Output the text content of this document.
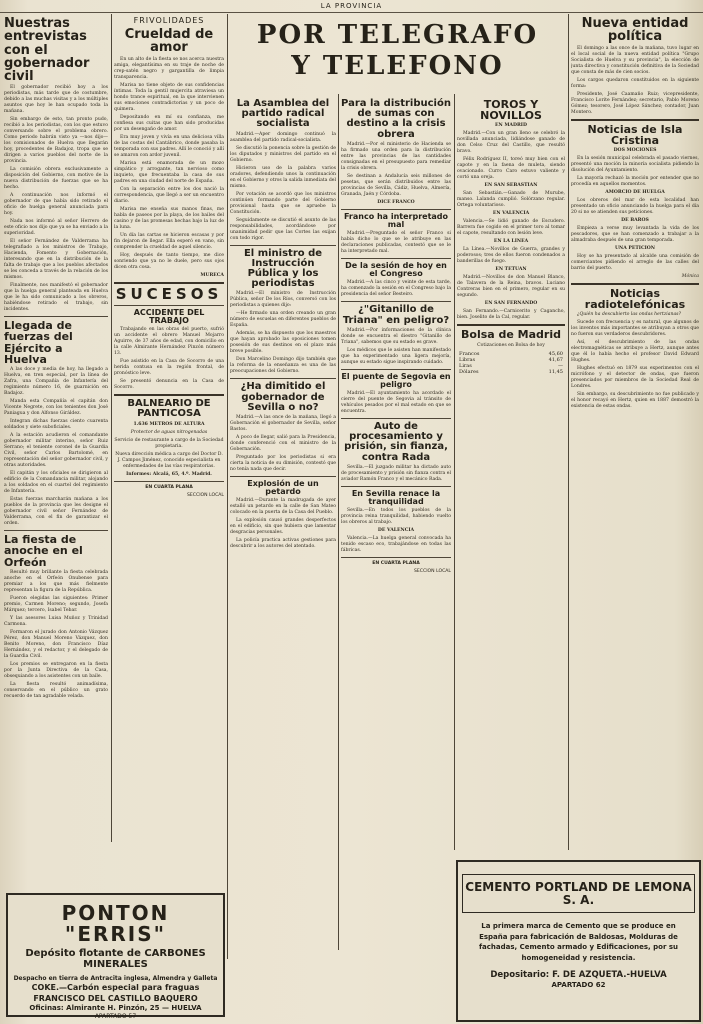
LA PROVINCIA
POR TELEGRAFO
Y TELEFONO
Nuestras entrevistas con el gobernador civil

El gobernador recibió hoy a los periodistas, más tarde que de costumbre, debido a las muchas visitas y a los múltiples asuntos que hoy le han ocupado toda la mañana.

Sin embargo de esto, tan pronto pudo, recibió a los periodistas, con los que estuvo conversando sobre el problema obrero. Como periodo habrán visto ya —nos dijo— los comisionados de Huelva que llegarán hoy, procedentes de Badajoz, tropa que se dirigen a varios pueblos del norte de la provincia.

La comisión obrera exclusivamente a disposición del Gobierno, con motivo de la nueva distribución de fuerzas que se ha hecho.

A continuación nos informó el gobernador de que había sido retirado el oficio de huelga general anunciada para hoy.

Nada nos informó al señor Herrero de este oficio nos dijo que ya se ha enviado a la superioridad.

El señor Fernández de Valderrama ha telegrafiado a los ministros de Trabajo, Hacienda, Fomento y Gobernación, interesando que en la distribución de la falta de trabajo que a los pueblos afectados se les conceda a través de la relación de los mismos.

Finalmente, nos manifestó el gobernador que la huelga general planteada en Huelva que le ha sido comunicado a los obreros, habiéndose retirado el trabajo, sin incidentes.

Llegada de fuerzas del Ejército a Huelva

A las doce y media de hoy, ha llegado a Huelva, en tren especial, por la línea de Zafra, una Compañía de Infantería del regimiento número 16, de guarnición en Badajoz.

Manda esta Compañía el capitán don Vicente Negrete, con los tenientes don José Paniagua y don Alfonso Giráldez.

Integran dichas fuerzas ciento cuarenta soldados y siete suboficiales.

A la estación acudieron el comandante gobernador militar interino, señor Ruiz Serrano; el teniente coronel de la Guardia Civil, señor Carlos Bartolomé, en representación del señor gobernador civil, y otras autoridades.

El capitán y los oficiales se dirigieron al edificio de la Comandancia militar, alojando a los soldados en el cuartel del regimiento de Infantería.

Estas fuerzas marcharán mañana a los pueblos de la provincia que les designe el gobernador civil señor Fernández de Valderrama, con el fin de garantizar el orden.

La fiesta de anoche en el Orfeón

Resultó muy brillante la fiesta celebrada anoche en el Orfeón Onubense para premiar a los que más fielmente representan la figura de la República.

Fueron elegidas las siguientes: Primer premio, Carmen Moreno; segundo, Josefa Márquez; tercero, Isabel Tebar.

Y las asesores Luisa Muñoz y Trinidad Carmona.

Formaron el jurado don Antonio Vázquez Pérez, don Manuel Moreno Vázquez, don Benito Moreno, don Francisco Díaz Hernández, y el redactor, y el delegado de la Guardia Civil.

Los premios se entregaron en la fiesta por la Junta Directiva de la Casa, obsequiando a los asistentes con un baile.

La fiesta resultó animadísima, conservando en el público un grato recuerdo de tan agradable velada.

FRIVOLIDADES
Crueldad de amor

En un alto de la fiesta se nos acerca nuestra amiga, elegantísima en su traje de noche de crep-satén negro y gargantilla de limpia transparencia.

Marisa no tiene objeto de sus confidencias íntimas. Toda la gentil mujercita atraviesa un hondo trance espiritual, en la que intervienen sus emociones contradictorias y un poco de quimera.

Depositando en mí su confianza, me confiesa sus cuitas que han sido producidas por un desengaño de amor.

Era muy joven y vivía en una deliciosa villa de las costas del Cantábrico, donde pasaba la temporada con sus padres. Allí le conoció y allí se amaron con ardor juvenil.

Marisa está enamorada de un mozo simpático y arrogante, tan nervioso como inquieto, que frecuentaba la casa de sus padres en una ciudad del norte de España.

Con la separación entre los dos nació la correspondencia, que llegó a ser un encuentro diario.

Marisa me enseña sus manos finas, me habla de paseos por la playa, de los bailes del casino y de las promesas hechas bajo la luz de la luna.

Un día las cartas se hicieron escasas y por fin dejaron de llegar. Ella esperó en vano, sin comprender la crueldad de aquel silencio.

Hoy, después de tanto tiempo, me dice sonriendo que ya no le duele, pero sus ojos dicen otra cosa.

MURECA
SUCESOS
ACCIDENTE DEL TRABAJO

Trabajando en las obras del puerto, sufrió un accidente el obrero Manuel Mojarro Aguirre, de 37 años de edad, con domicilio en la calle Almirante Hernández Pinzón número 13.

Fue asistido en la Casa de Socorro de una herida contusa en la región frontal, de pronóstico leve.

Se presentó denuncia en la Casa de Socorro.

BALNEARIO DE PANTICOSA
1.636 METROS DE ALTURA
Protector de aguas nitrogenadas
Servicio de restaurante a cargo de la Sociedad propietaria.
Nueva dirección médica a cargo del Doctor D. J. Campos Jiménez, conocido especialista en enfermedades de las vías respiratorias.
Informes: Alcalá, 65, 4.º. Madrid.
EN CUARTA PLANA
SECCION LOCAL
La Asamblea del partido radical socialista

Madrid.—Aper domingo continuó la asamblea del partido radical-socialista.

Se discutió la ponencia sobre la gestión de los diputados y ministros del partido en el Gobierno.

Hicieron uso de la palabra varios oradores, defendiendo unos la continuación en el Gobierno y otros la salida inmediata del mismo.

Por votación se acordó que los ministros continúen formando parte del Gobierno provisional hasta que se apruebe la Constitución.

Seguidamente se discutió el asunto de las responsabilidades, acordándose por unanimidad pedir que las Cortes las exijan con todo rigor.

El ministro de Instrucción Pública y los periodistas

Madrid.—El ministro de Instrucción Pública, señor De los Ríos, conversó con los periodistas a quienes dijo:

—He firmado una orden creando un gran número de escuelas en diferentes pueblos de España.

Además, se ha dispuesto que los maestros que hayan aprobado las oposiciones tomen posesión de sus destinos en el plazo más breve posible.

Don Marcelino Domingo dijo también que la reforma de la enseñanza es una de las preocupaciones del Gobierno.

¿Ha dimitido el gobernador de Sevilla o no?

Madrid.—A las once de la mañana, llegó a Gobernación el gobernador de Sevilla, señor Bastos.

A poco de llegar, salió para la Presidencia, donde conferenció con el ministro de la Gobernación.

Preguntado por los periodistas si era cierta la noticia de su dimisión, contestó que no tenía nada que decir.

Explosión de un petardo

Madrid.—Durante la madrugada de ayer estalló un petardo en la calle de San Mateo colocado en la puerta de la Casa del Pueblo.

La explosión causó grandes desperfectos en el edificio, sin que hubiera que lamentar desgracias personales.

La policía practica activas gestiones para descubrir a los autores del atentado.

Para la distribución de sumas con destino a la crisis obrera

Madrid.—Por el ministerio de Hacienda se ha firmado una orden para la distribución entre las provincias de las cantidades consignadas en el presupuesto para remediar la crisis obrera.

Se destinan a Andalucía seis millones de pesetas, que serán distribuidos entre las provincias de Sevilla, Cádiz, Huelva, Almería, Granada, Jaén y Córdoba.

DICE FRANCO
Franco ha interpretado mal

Madrid.—Preguntado el señor Franco si había dicho lo que se le atribuye en las declaraciones publicadas, contestó que se le ha interpretado mal.

De la sesión de hoy en el Congreso

Madrid.—A las cinco y veinte de esta tarde, ha comenzado la sesión en el Congreso bajo la presidencia del señor Besteiro.

¿"Gitanillo de Triana" en peligro?

Madrid.—Por informaciones de la clínica donde se encuentra el diestro "Gitanillo de Triana", sabemos que su estado es grave.

Los médicos que le asisten han manifestado que ha experimentado una ligera mejoría, aunque su estado sigue inspirando cuidado.

El puente de Segovia en peligro

Madrid.—El ayuntamiento ha acordado el cierre del puente de Segovia al tránsito de vehículos pesados por el mal estado en que se encuentra.

Auto de procesamiento y prisión, sin fianza, contra Rada

Sevilla.—El juzgado militar ha dictado auto de procesamiento y prisión sin fianza contra el aviador Ramón Franco y el mecánico Rada.

En Sevilla renace la tranquilidad

Sevilla.—En todos los pueblos de la provincia reina tranquilidad, habiendo vuelto los obreros al trabajo.

DE VALENCIA

Valencia.—La huelga general convocada ha tenido escaso eco, trabajándose en todas las fábricas.

EN CUARTA PLANA
SECCION LOCAL
TOROS Y NOVILLOS
EN MADRID

Madrid.—Con un gran lleno se celebró la novillada anunciada, lidiándose ganado de don Celso Cruz del Castillo, que resultó bravo.

Félix Rodríguez II, toreó muy bien con el capote y en la faena de muleta, siendo ovacionado. Curro Caro estuvo valiente y cortó una oreja.

EN SAN SEBASTIAN

San Sebastián.—Ganado de Murube, manso. Lalanda cumplió. Solórzano regular. Ortega voluntarioso.

EN VALENCIA

Valencia.—Se lidió ganado de Escudero. Barrera fue cogido en el primer toro al tomar el capote, resultando con lesión leve.

EN LA LINEA

La Línea.—Novillos de Guerra, grandes y poderosos; tres de ellos fueron condenados a banderillas de fuego.

EN TETUAN

Madrid.—Novillos de don Manuel Blanco, de Talavera de la Reina, bravos. Luciano Contreras bien en el primero, regular en su segundo.

EN SAN FERNANDO

San Fernando.—Carnicerito y Cagancho, bien. Joselito de la Cal, regular.

Bolsa de Madrid
Cotizaciones en Bolsa de hoy
Francos	45,60
Libras	41,67
Liras	—
Dólares	11,45
Nueva entidad política

El domingo a las once de la mañana, tuvo lugar en el local social de la nueva entidad política "Grupo Socialista de Huelva y su provincia", la elección de junta directiva y constitución definitiva de la Sociedad que consta de más de cien socios.

Los cargos quedaron constituidos en la siguiente forma:

Presidente, José Caamaño Ruiz; vicepresidente, Francisco Lorite Fernández; secretario, Pablo Moreno Gómez; tesorero, José López Sánchez; contador, Juan Montero.

Noticias de Isla Cristina
DOS MOCIONES

En la sesión municipal celebrada el pasado viernes, presentó una moción la minoría socialista pidiendo la disolución del Ayuntamiento.

La mayoría rechazó la moción por entender que no procedía en aquellos momentos.

AMORCIO DE HUELGA

Los obreros del mar de esta localidad han presentado un oficio anunciando la huelga para el día 20 si no se atienden sus peticiones.

DE BAROS

Empieza a verse muy levantada la vida de los pescadores, que se han comenzado a trabajar a la almadraba después de una gran temporada.

UNA PETICION

Hoy se ha presentado al alcalde una comisión de comerciantes pidiendo el arreglo de las calles del barrio del puerto.

Mónica
Noticias radiotelefónicas

¿Quién ha descubierto las ondas hertzianas?

Sucede con frecuencia y es natural, que algunos de los inventos más importantes se atribuyan a otros que no fueron sus verdaderos descubridores.

Así, el descubrimiento de las ondas electromagnéticas se atribuye a Hertz, aunque antes que él lo había hecho el profesor David Edward Hughes.

Hughes efectuó en 1879 sus experimentos con el micrófono y el detector de ondas, que fueron presenciados por miembros de la Sociedad Real de Londres.

Sin embargo, su descubrimiento no fue publicado y el honor recayó en Hertz, quien en 1887 demostró la existencia de estas ondas.

PONTON "ERRIS"
Depósito flotante de CARBONES MINERALES
Despacho en tierra de Antracita inglesa, Almendra y Galleta
COKE.—Carbón especial para fraguas
FRANCISCO DEL CASTILLO BAQUERO
Oficinas: Almirante H. Pinzón, 25 — HUELVA
APARTADO 57
CEMENTO PORTLAND DE LEMONA S. A.
La primera marca de Cemento que se produce en España para fabricación de Baldosas, Molduras de fachadas, Cemento armado y Edificaciones, por su homogeneidad y resistencia.
Depositario: F. DE AZQUETA.-HUELVA
APARTADO 62
